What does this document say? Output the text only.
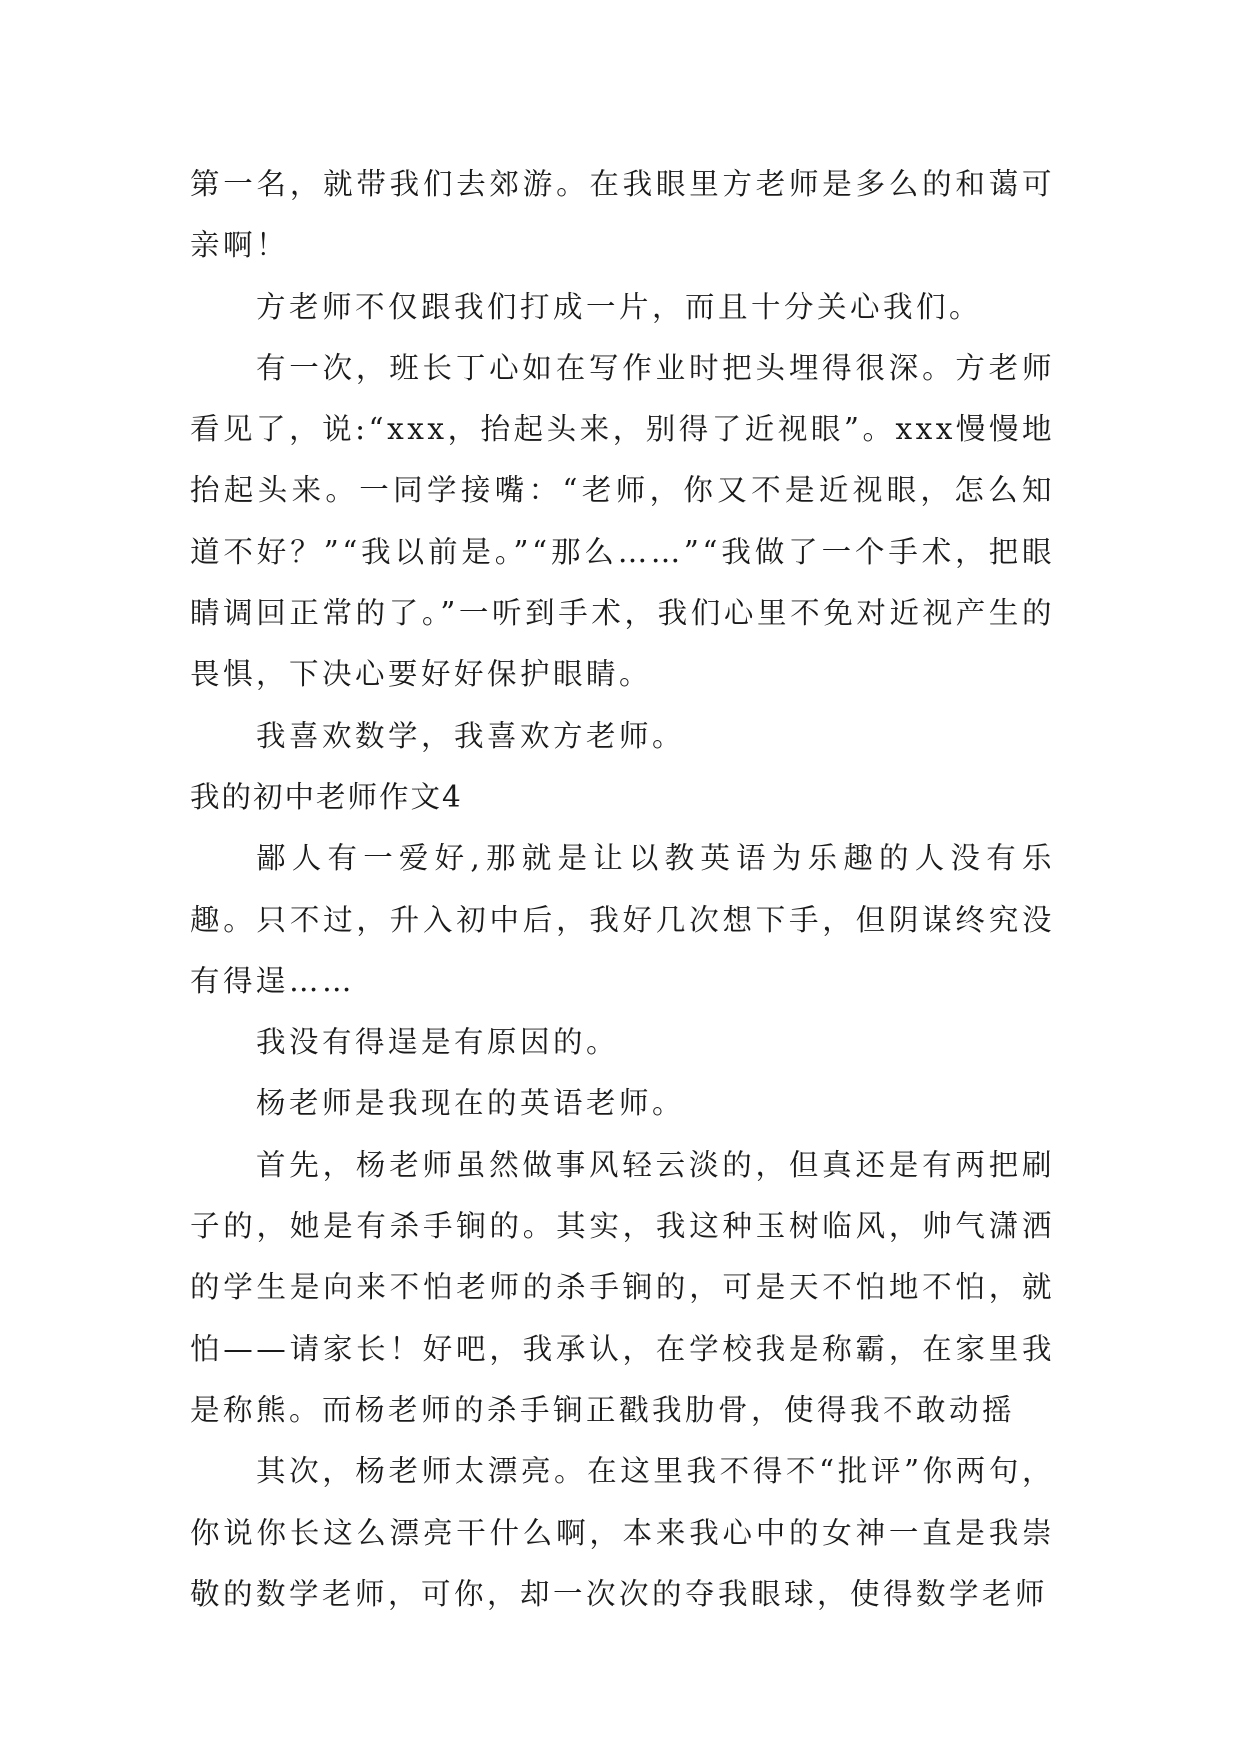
第一名，就带我们去郊游。在我眼里方老师是多么的和蔼可亲啊！

方老师不仅跟我们打成一片，而且十分关心我们。

有一次，班长丁心如在写作业时把头埋得很深。方老师看见了，说:“xxx，抬起头来，别得了近视眼”。xxx慢慢地抬起头来。一同学接嘴：“老师，你又不是近视眼，怎么知道不好？”“我以前是。”“那么……”“我做了一个手术，把眼睛调回正常的了。”一听到手术，我们心里不免对近视产生的畏惧，下决心要好好保护眼睛。

我喜欢数学，我喜欢方老师。

我的初中老师作文4

鄙人有一爱好,那就是让以教英语为乐趣的人没有乐趣。只不过，升入初中后，我好几次想下手，但阴谋终究没有得逞……

我没有得逞是有原因的。

杨老师是我现在的英语老师。

首先，杨老师虽然做事风轻云淡的，但真还是有两把刷子的，她是有杀手锏的。其实，我这种玉树临风，帅气潇洒的学生是向来不怕老师的杀手锏的，可是天不怕地不怕，就怕——请家长！好吧，我承认，在学校我是称霸，在家里我是称熊。而杨老师的杀手锏正戳我肋骨，使得我不敢动摇

其次，杨老师太漂亮。在这里我不得不“批评”你两句，你说你长这么漂亮干什么啊，本来我心中的女神一直是我崇敬的数学老师，可你，却一次次的夺我眼球，使得数学老师
